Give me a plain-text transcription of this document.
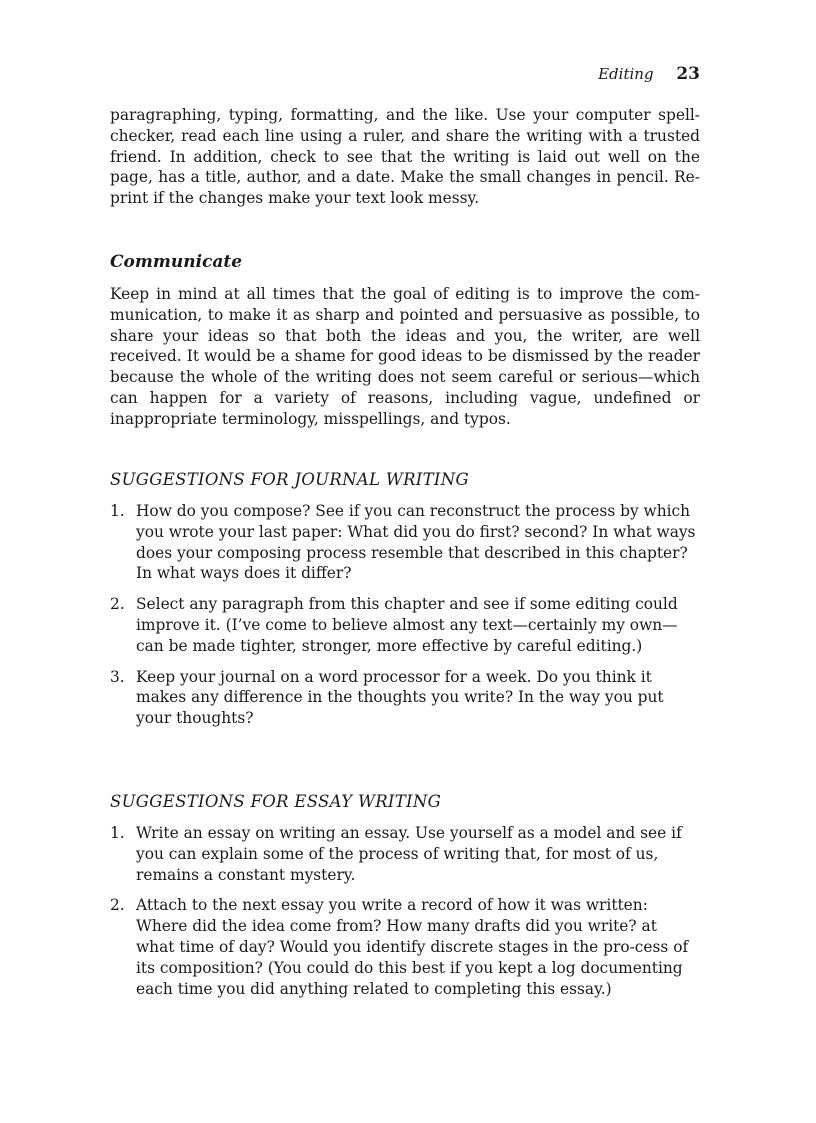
Editing 23

paragraphing, typing, formatting, and the like. Use your computer spell-checker, read each line using a ruler, and share the writing with a trusted friend. In addition, check to see that the writing is laid out well on the page, has a title, author, and a date. Make the small changes in pencil. Re-print if the changes make your text look messy.

Communicate

Keep in mind at all times that the goal of editing is to improve the com-munication, to make it as sharp and pointed and persuasive as possible, to share your ideas so that both the ideas and you, the writer, are well received. It would be a shame for good ideas to be dismissed by the reader because the whole of the writing does not seem careful or serious—which can happen for a variety of reasons, including vague, undefined or inappropriate terminology, misspellings, and typos.

SUGGESTIONS FOR JOURNAL WRITING
1. How do you compose? See if you can reconstruct the process by which you wrote your last paper: What did you do first? second? In what ways does your composing process resemble that described in this chapter? In what ways does it differ?
2. Select any paragraph from this chapter and see if some editing could improve it. (I’ve come to believe almost any text—certainly my own—can be made tighter, stronger, more effective by careful editing.)
3. Keep your journal on a word processor for a week. Do you think it makes any difference in the thoughts you write? In the way you put your thoughts?
SUGGESTIONS FOR ESSAY WRITING
1. Write an essay on writing an essay. Use yourself as a model and see if you can explain some of the process of writing that, for most of us, remains a constant mystery.
2. Attach to the next essay you write a record of how it was written: Where did the idea come from? How many drafts did you write? at what time of day? Would you identify discrete stages in the pro-cess of its composition? (You could do this best if you kept a log documenting each time you did anything related to completing this essay.)
